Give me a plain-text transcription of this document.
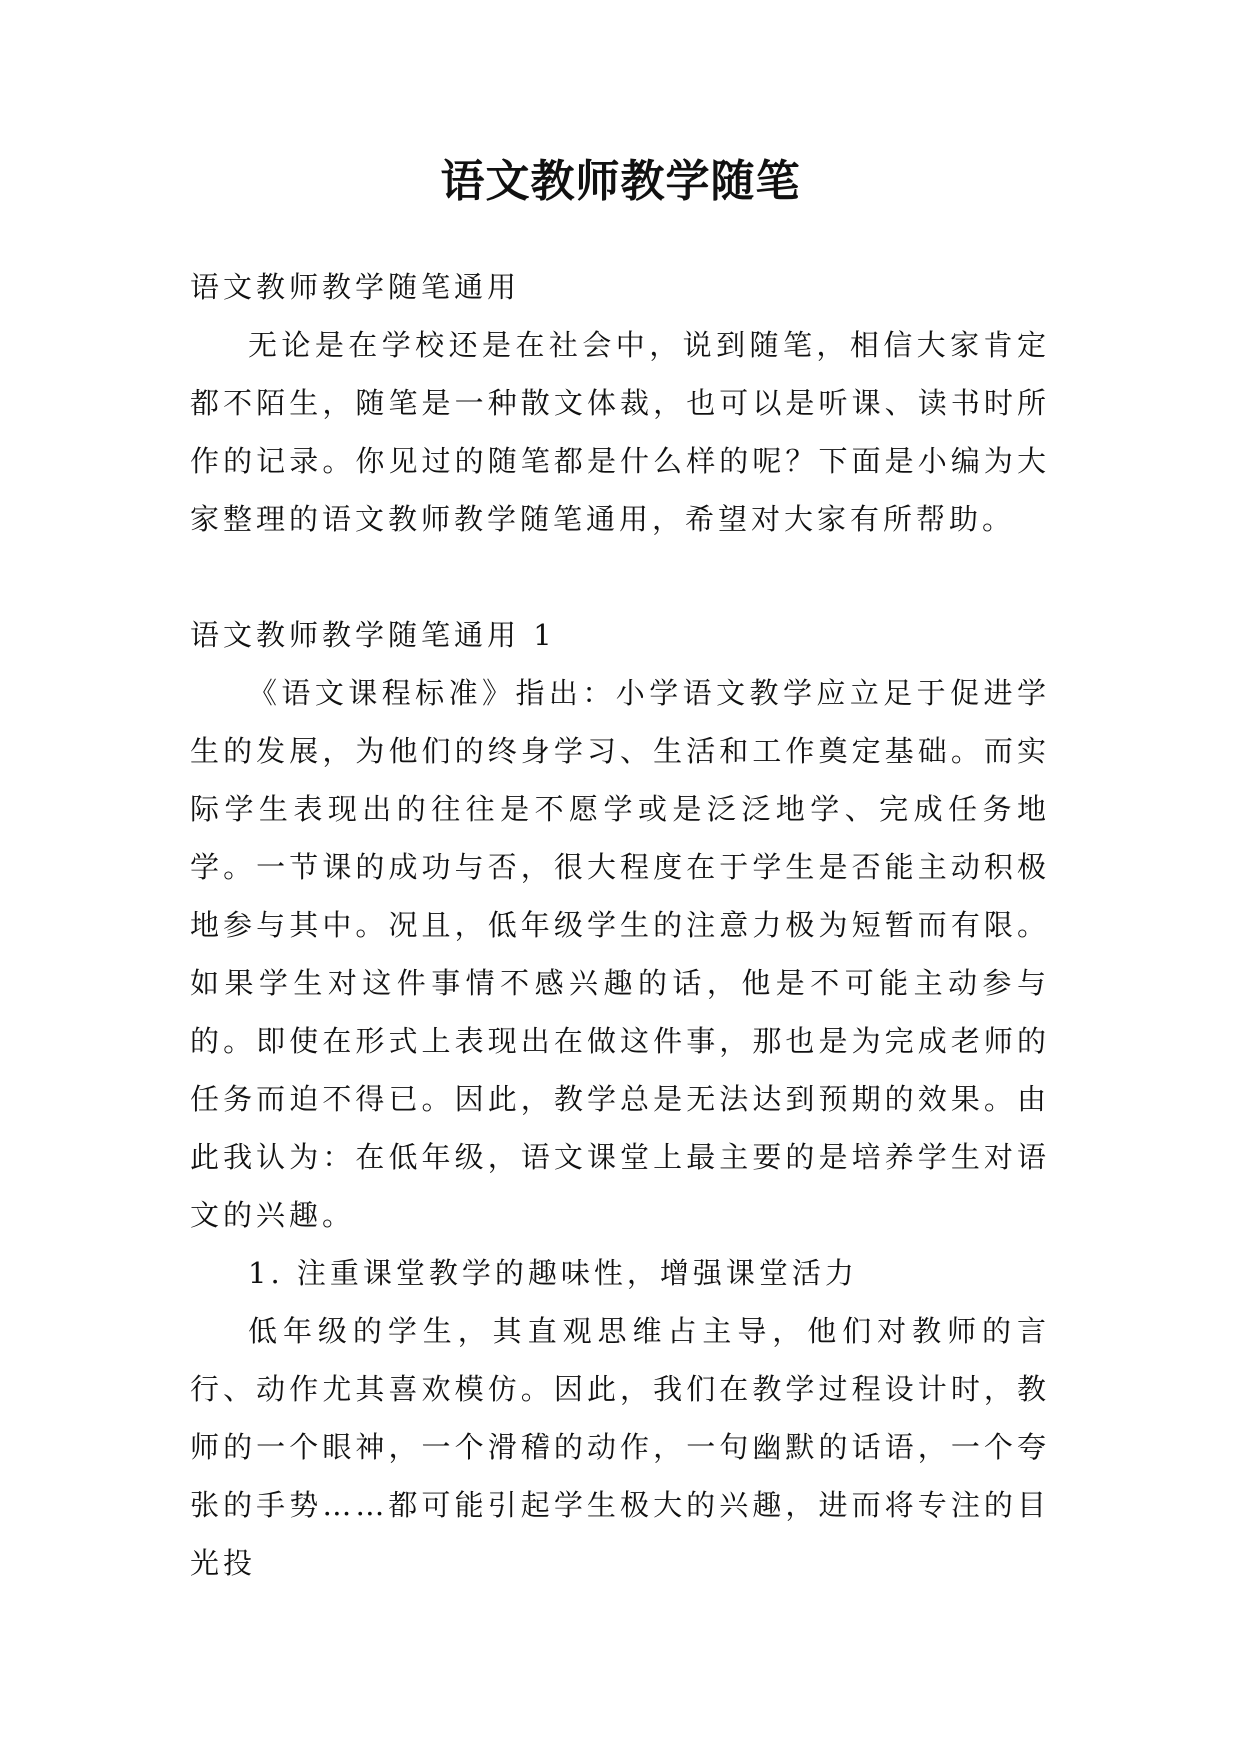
语文教师教学随笔

语文教师教学随笔通用

无论是在学校还是在社会中，说到随笔，相信大家肯定都不陌生，随笔是一种散文体裁，也可以是听课、读书时所作的记录。你见过的随笔都是什么样的呢？下面是小编为大家整理的语文教师教学随笔通用，希望对大家有所帮助。

语文教师教学随笔通用 1

《语文课程标准》指出：小学语文教学应立足于促进学生的发展，为他们的终身学习、生活和工作奠定基础。而实际学生表现出的往往是不愿学或是泛泛地学、完成任务地学。一节课的成功与否，很大程度在于学生是否能主动积极地参与其中。况且，低年级学生的注意力极为短暂而有限。如果学生对这件事情不感兴趣的话，他是不可能主动参与的。即使在形式上表现出在做这件事，那也是为完成老师的任务而迫不得已。因此，教学总是无法达到预期的效果。由此我认为：在低年级，语文课堂上最主要的是培养学生对语文的兴趣。

1. 注重课堂教学的趣味性，增强课堂活力

低年级的学生，其直观思维占主导，他们对教师的言行、动作尤其喜欢模仿。因此，我们在教学过程设计时，教师的一个眼神，一个滑稽的动作，一句幽默的话语，一个夸张的手势……都可能引起学生极大的兴趣，进而将专注的目光投
